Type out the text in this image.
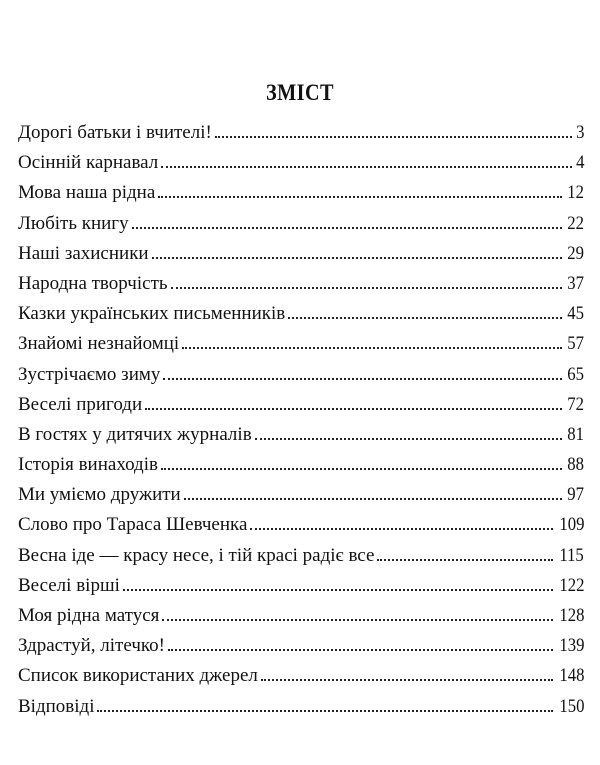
ЗМІСТ
Дорогі батьки і вчителі!	3
Осінній карнавал	4
Мова наша рідна	12
Любіть книгу	22
Наші захисники	29
Народна творчість	37
Казки українських письменників	45
Знайомі незнайомці	57
Зустрічаємо зиму	65
Веселі пригоди	72
В гостях у дитячих журналів	81
Історія винаходів	88
Ми уміємо дружити	97
Слово про Тараса Шевченка	109
Весна іде — красу несе, і тій красі радіє все	115
Веселі вірші	122
Моя рідна матуся	128
Здрастуй, літечко!	139
Список використаних джерел	148
Відповіді	150
